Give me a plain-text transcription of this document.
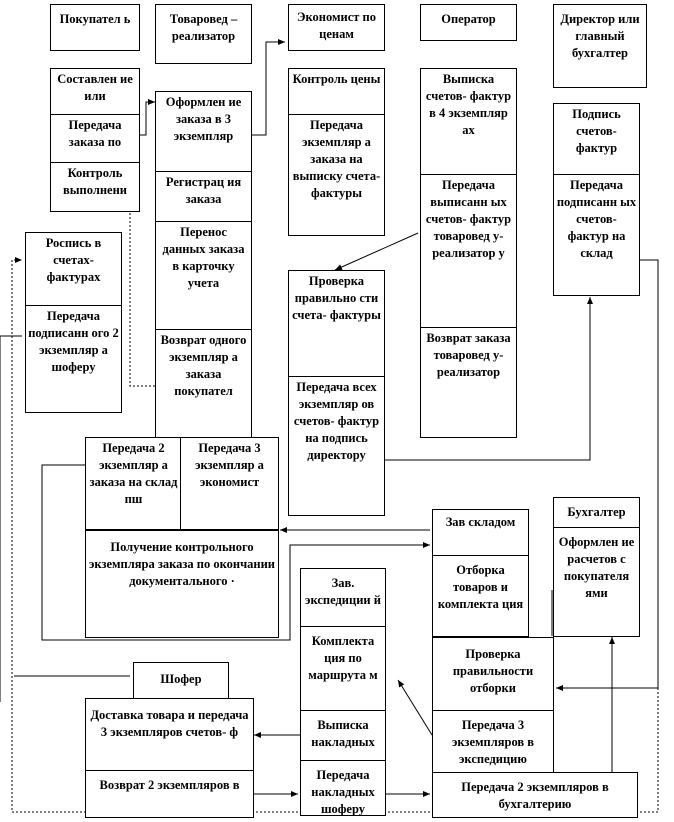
Покупател ь	Товаровед – реализатор
Экономист по ценам
Оператор	Директор или главный бухгалтер
Составлен ие или
Передача заказа по
Контроль выполнени
Оформлен ие заказа в 3 экземпляр
Регистрац ия заказа
Перенос данных заказа в карточку учета
Возврат одного экземпляр а заказа покупател
Контроль цены
Передача экземпляр а заказа на выписку счета- фактуры
Выписка счетов- фактур в 4 экземпляр ах
Передача выписанн ых счетов- фактур товаровед у- реализатор у
Возврат заказа товаровед у- реализатор
Подпись счетов- фактур
Передача подписанн ых счетов- фактур на склад
Проверка правильно сти счета- фактуры
Передача всех экземпляр ов счетов- фактур на подпись директору
Роспись в счетах- фактурах
Передача подписанн ого 2 экземпляр а шоферу
Передача 2 экземпляр а заказа на склад пш
Передача 3 экземпляр а экономист
Получение контрольного экземпляра заказа по окончании документального ·
Бухгалтер
Оформлен ие расчетов с покупателя ями
Зав складом
Отборка товаров и комплекта ция
Проверка правильности отборки
Передача 3 экземпляров в экспедицию
Зав. экспедиции й
Комплекта ция по маршрута м
Выписка накладных
Передача накладных шоферу
Шофер
Доставка товара и передача 3 экземпляров счетов- ф
Возврат 2 экземпляров в	Передача 2 экземпляров в бухгалтерию
